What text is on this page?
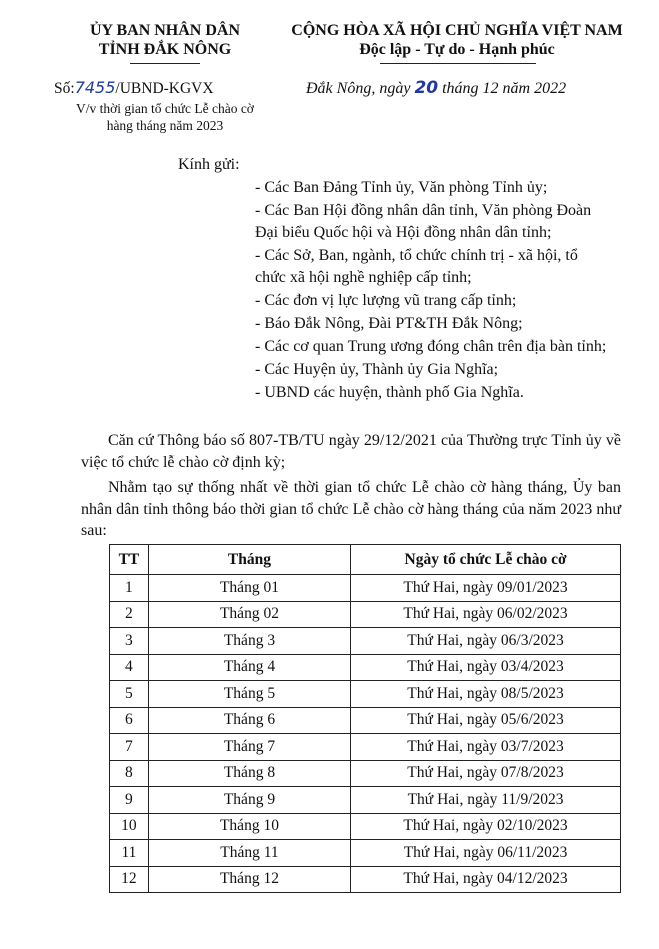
ỦY BAN NHÂN DÂN
TỈNH ĐẮK NÔNG
CỘNG HÒA XÃ HỘI CHỦ NGHĨA VIỆT NAM
Độc lập - Tự do - Hạnh phúc
Số:7455/UBND-KGVX
V/v thời gian tổ chức Lễ chào cờ
hàng tháng năm 2023
Đắk Nông, ngày 20 tháng 12 năm 2022
Kính gửi:
- Các Ban Đảng Tỉnh ủy, Văn phòng Tỉnh ủy;
- Các Ban Hội đồng nhân dân tỉnh, Văn phòng Đoàn
Đại biểu Quốc hội và Hội đồng nhân dân tỉnh;
- Các Sở, Ban, ngành, tổ chức chính trị - xã hội, tổ
chức xã hội nghề nghiệp cấp tỉnh;
- Các đơn vị lực lượng vũ trang cấp tỉnh;
- Báo Đắk Nông, Đài PT&TH Đắk Nông;
- Các cơ quan Trung ương đóng chân trên địa bàn tỉnh;
- Các Huyện ủy, Thành ủy Gia Nghĩa;
- UBND các huyện, thành phố Gia Nghĩa.
Căn cứ Thông báo số 807-TB/TU ngày 29/12/2021 của Thường trực Tỉnh ủy về việc tổ chức lễ chào cờ định kỳ;
Nhằm tạo sự thống nhất về thời gian tổ chức Lễ chào cờ hàng tháng, Ủy ban nhân dân tỉnh thông báo thời gian tổ chức Lễ chào cờ hàng tháng của năm 2023 như sau:
TT	Tháng	Ngày tổ chức Lễ chào cờ
1	Tháng 01	Thứ Hai, ngày 09/01/2023
2	Tháng 02	Thứ Hai, ngày 06/02/2023
3	Tháng 3	Thứ Hai, ngày 06/3/2023
4	Tháng 4	Thứ Hai, ngày 03/4/2023
5	Tháng 5	Thứ Hai, ngày 08/5/2023
6	Tháng 6	Thứ Hai, ngày 05/6/2023
7	Tháng 7	Thứ Hai, ngày 03/7/2023
8	Tháng 8	Thứ Hai, ngày 07/8/2023
9	Tháng 9	Thứ Hai, ngày 11/9/2023
10	Tháng 10	Thứ Hai, ngày 02/10/2023
11	Tháng 11	Thứ Hai, ngày 06/11/2023
12	Tháng 12	Thứ Hai, ngày 04/12/2023
